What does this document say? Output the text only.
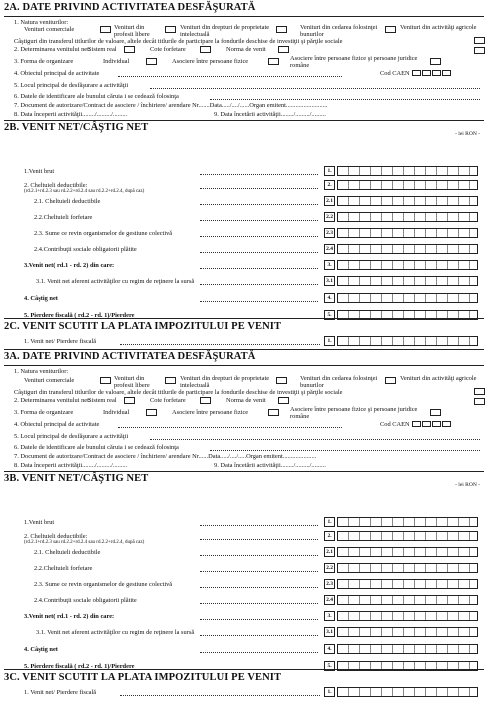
2A. DATE PRIVIND ACTIVITATEA DESFĂŞURATĂ
1. Natura veniturilor:
Venituri comerciale	Venituri din profesii libere
Venituri din drepturi de proprietate intelectuală
Venituri din cedarea folosinţei bunurilor
Venituri din activităţi agricole
Câştiguri din transferul titlurilor de valoare, altele decât titlurile de participare la fondurile deschise de investiţii şi părţile sociale
2. Determinarea venitului net:
Sistem real	Cote forfetare	Norma de venit
3. Forma de organizare	Individual	Asociere între persoane fizice	Asociere între persoane fizice şi persoane juridice române
4. Obiectul principal de activitate	Cod CAEN
5. Locul principal de desfăşurare a activităţii
6. Datele de identificare ale bunului căruia i se cedează folosinţa
7. Document de autorizare/Contract de asociere / închiriere/ arendare Nr.......Data...../..../......Organ emitent..........................
8. Data începerii activităţii......../........./.........	9. Data încetării activităţii......../........./.........
2B. VENIT NET/CÂŞTIG NET
- lei RON -
1.Venit brut	1.
2. Cheltuieli deductibile:
(rd.2.1+rd.2.3 sau rd.2.2+rd.2.4 sau rd.2.2+rd.2.4, după caz)
2.
2.1. Cheltuieli deductibile	2.1
2.2.Cheltuieli forfetare	2.2
2.3. Sume ce revin organismelor de gestiune colectivă	2.3
2.4.Contribuţii sociale obligatorii plătite	2.4
3.Venit net( rd.1 - rd. 2) din care:	3.
3.1. Venit net aferent activităţilor cu regim de reţinere la sursă	3.1
4. Câştig net	4.
5. Pierdere fiscală ( rd.2 - rd. 1)/Pierdere	5.
2C. VENIT SCUTIT LA PLATA IMPOZITULUI PE VENIT
1. Venit net/ Pierdere fiscală	1.
3A. DATE PRIVIND ACTIVITATEA DESFĂŞURATĂ
1. Natura veniturilor:
Venituri comerciale	Venituri din profesii libere
Venituri din drepturi de proprietate intelectuală
Venituri din cedarea folosinţei bunurilor
Venituri din activităţi agricole
Câştiguri din transferul titlurilor de valoare, altele decât titlurile de participare la fondurile deschise de investiţii şi părţile sociale
2. Determinarea venitului net:
Sistem real	Cote forfetare	Norma de venit
3. Forma de organizare	Individual	Asociere între persoane fizice	Asociere între persoane fizice şi persoane juridice române
4. Obiectul principal de activitate	Cod CAEN
5. Locul principal de desfăşurare a activităţii
6. Datele de identificare ale bunului căruia i se cedează folosinţa
7. Document de autorizare/Contract de asociere / închiriere/ arendare Nr......Data...../..../.....Organ emitent.....................
8. Data începerii activităţii......../........./.........	9. Data încetării activităţii......../........./.........
3B. VENIT NET/CÂŞTIG NET
- lei RON -
1.Venit brut	1.
2. Cheltuieli deductibile:
(rd.2.1+rd.2.3 sau rd.2.2+rd.2.4 sau rd.2.2+rd.2.4, după caz)
2.
2.1. Cheltuieli deductibile	2.1
2.2.Cheltuieli forfetare	2.2
2.3. Sume ce revin organismelor de gestiune colectivă	2.3
2.4.Contribuţii sociale obligatorii plătite	2.4
3.Venit net( rd.1 - rd. 2) din care:	3.
3.1. Venit net aferent activităţilor cu regim de reţinere la sursă	3.1
4. Câştig net	4.
5. Pierdere fiscală ( rd.2 - rd. 1)/Pierdere	5.
3C. VENIT SCUTIT LA PLATA IMPOZITULUI PE VENIT
1. Venit net/ Pierdere fiscală	1.
